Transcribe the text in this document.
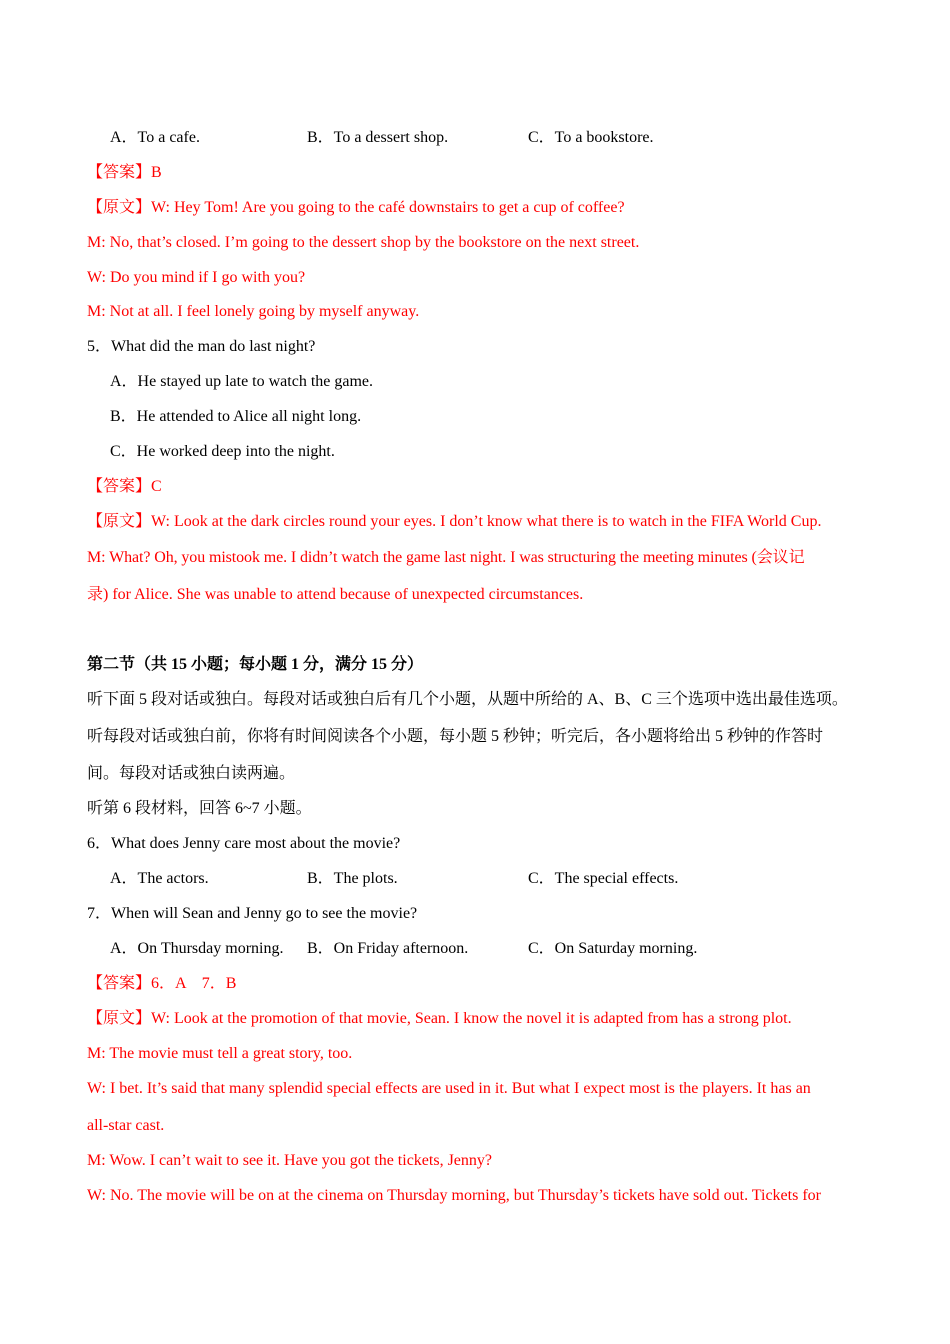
A．To a cafe.	B．To a dessert shop.	C．To a bookstore.
【答案】B
【原文】W: Hey Tom! Are you going to the café downstairs to get a cup of coffee?
M: No, that’s closed. I’m going to the dessert shop by the bookstore on the next street.
W: Do you mind if I go with you?
M: Not at all. I feel lonely going by myself anyway.
5．What did the man do last night?
A．He stayed up late to watch the game.
B．He attended to Alice all night long.
C．He worked deep into the night.
【答案】C
【原文】W: Look at the dark circles round your eyes. I don’t know what there is to watch in the FIFA World Cup.
M: What? Oh, you mistook me. I didn’t watch the game last night. I was structuring the meeting minutes (会议记
录) for Alice. She was unable to attend because of unexpected circumstances.
第二节（共 15 小题；每小题 1 分，满分 15 分）
听下面 5 段对话或独白。每段对话或独白后有几个小题，从题中所给的 A、B、C 三个选项中选出最佳选项。
听每段对话或独白前，你将有时间阅读各个小题，每小题 5 秒钟；听完后，各小题将给出 5 秒钟的作答时
间。每段对话或独白读两遍。
听第 6 段材料，回答 6~7 小题。
6．What does Jenny care most about the movie?
A．The actors.	B．The plots.	C．The special effects.
7．When will Sean and Jenny go to see the movie?
A．On Thursday morning. B．On Friday afternoon.	C．On Saturday morning.
【答案】6．A　7．B
【原文】W: Look at the promotion of that movie, Sean. I know the novel it is adapted from has a strong plot.
M: The movie must tell a great story, too.
W: I bet. It’s said that many splendid special effects are used in it. But what I expect most is the players. It has an
all-star cast.
M: Wow. I can’t wait to see it. Have you got the tickets, Jenny?
W: No. The movie will be on at the cinema on Thursday morning, but Thursday’s tickets have sold out. Tickets for
